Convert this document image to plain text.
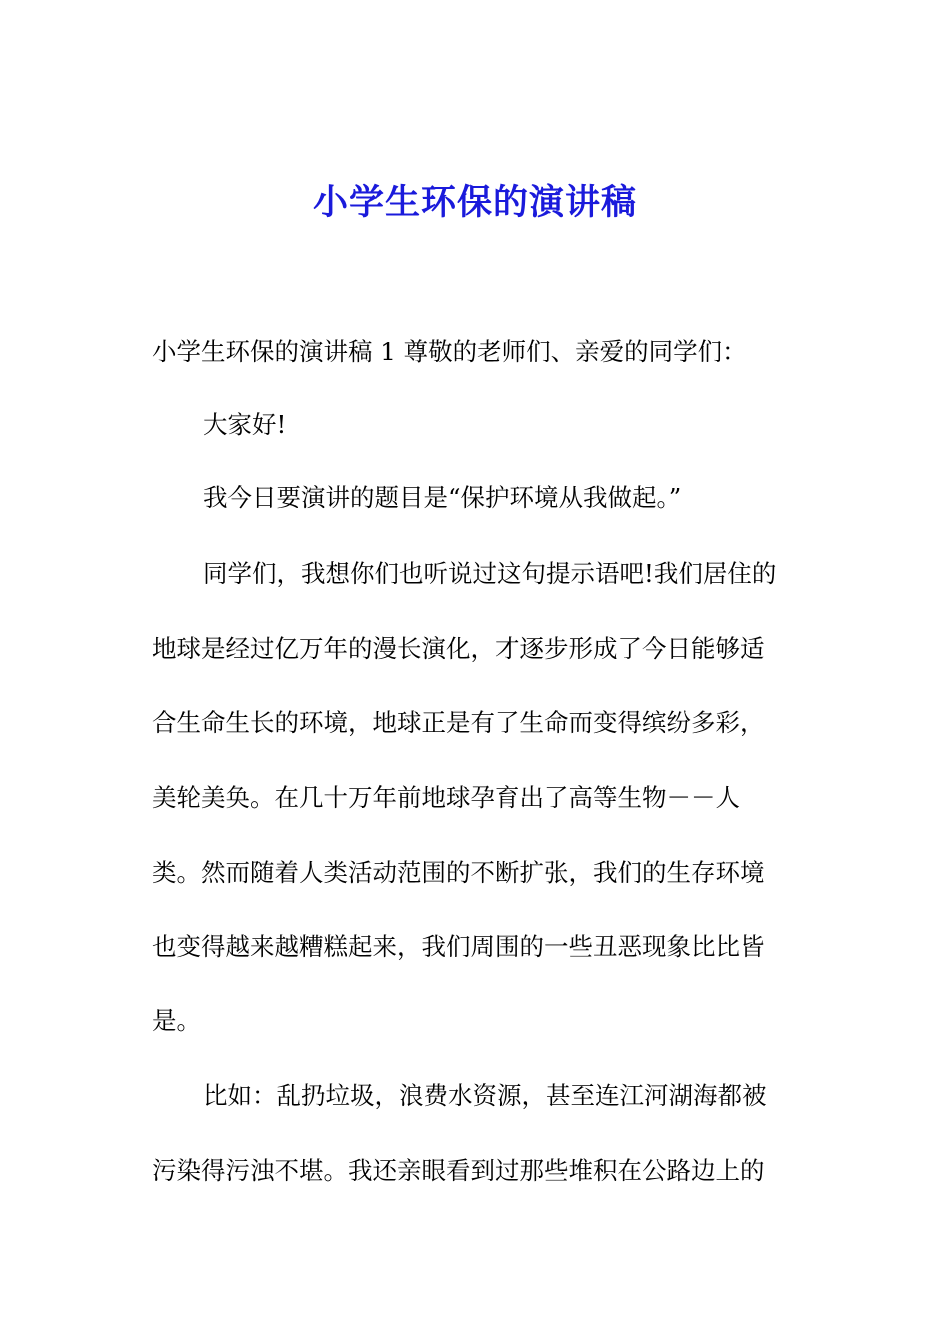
小学生环保的演讲稿
小学生环保的演讲稿 1 尊敬的老师们、亲爱的同学们：
大家好!
我今日要演讲的题目是“保护环境从我做起。”
同学们，我想你们也听说过这句提示语吧!我们居住的
地球是经过亿万年的漫长演化，才逐步形成了今日能够适
合生命生长的环境，地球正是有了生命而变得缤纷多彩，
美轮美奂。在几十万年前地球孕育出了高等生物－－人
类。然而随着人类活动范围的不断扩张，我们的生存环境
也变得越来越糟糕起来，我们周围的一些丑恶现象比比皆
是。
比如：乱扔垃圾，浪费水资源，甚至连江河湖海都被
污染得污浊不堪。我还亲眼看到过那些堆积在公路边上的
